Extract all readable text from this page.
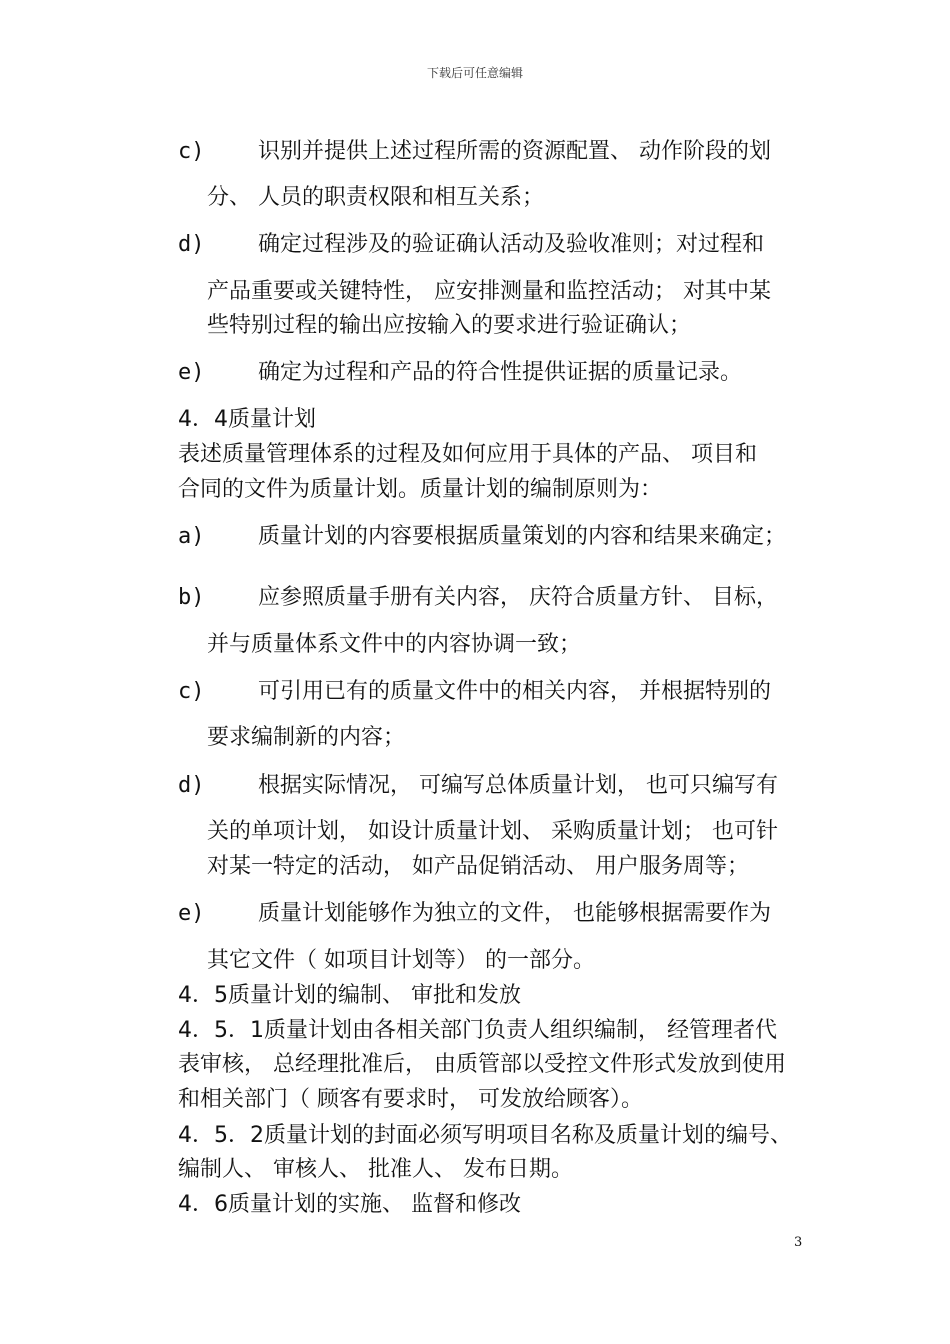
下载后可任意编辑
c) 识别并提供上述过程所需的资源配置、 动作阶段的划
分、 人员的职责权限和相互关系；
d) 确定过程涉及的验证确认活动及验收准则；对过程和
产品重要或关键特性， 应安排测量和监控活动； 对其中某
些特别过程的输出应按输入的要求进行验证确认；
e) 确定为过程和产品的符合性提供证据的质量记录。
4．4质量计划
表述质量管理体系的过程及如何应用于具体的产品、 项目和
合同的文件为质量计划。质量计划的编制原则为：
a) 质量计划的内容要根据质量策划的内容和结果来确定；
b) 应参照质量手册有关内容， 庆符合质量方针、 目标，
并与质量体系文件中的内容协调一致；
c) 可引用已有的质量文件中的相关内容， 并根据特别的
要求编制新的内容；
d) 根据实际情况， 可编写总体质量计划， 也可只编写有
关的单项计划， 如设计质量计划、 采购质量计划； 也可针
对某一特定的活动， 如产品促销活动、 用户服务周等；
e) 质量计划能够作为独立的文件， 也能够根据需要作为
其它文件（ 如项目计划等） 的一部分。
4．5质量计划的编制、 审批和发放
4．5．1质量计划由各相关部门负责人组织编制， 经管理者代
表审核， 总经理批准后， 由质管部以受控文件形式发放到使用
和相关部门（ 顾客有要求时， 可发放给顾客）。
4．5．2质量计划的封面必须写明项目名称及质量计划的编号、
编制人、 审核人、 批准人、 发布日期。
4．6质量计划的实施、 监督和修改
3
